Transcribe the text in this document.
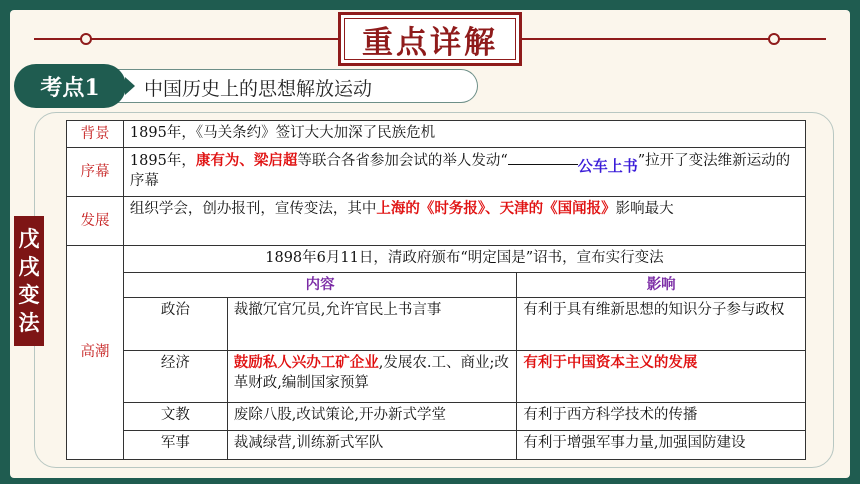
重点详解
考点1	中国历史上的思想解放运动
戊
戌
变
法
背景	1895年，《马关条约》签订大大加深了民族危机		
序幕	1895年，康有为、梁启超等联合各省参加会试的举人发动“ 公车上书”拉开了变法维新运动的序幕		
发展	组织学会，创办报刊，宣传变法，其中上海的《时务报》、天津的《国闻报》影响最大		
高潮	1898年6月11日，清政府颁布“明定国是”诏书，宣布实行变法		
	内容		影响
	政治	裁撤冗官冗员,允许官民上书言事	有利于具有维新思想的知识分子参与政权
	经济	鼓励私人兴办工矿企业,发展农.工、商业;改革财政,编制国家预算	有利于中国资本主义的发展
	文教	废除八股,改试策论,开办新式学堂	有利于西方科学技术的传播
	军事	裁减绿营,训练新式军队	有利于增强军事力量,加强国防建设
